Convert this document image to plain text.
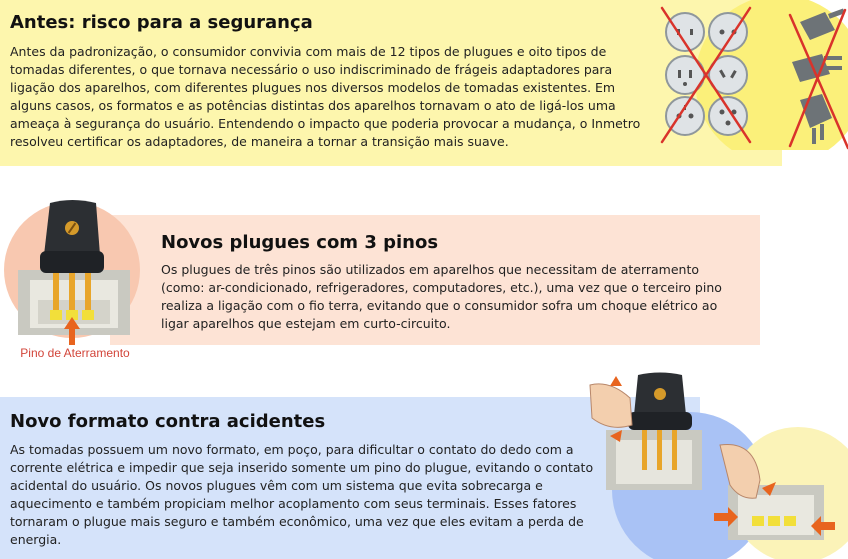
Antes: risco para a segurança

Antes da padronização, o consumidor convivia com mais de 12 tipos de plugues e oito tipos de tomadas diferentes, o que tornava necessário o uso indiscriminado de frágeis adaptadores para ligação dos aparelhos, com diferentes plugues nos diversos modelos de tomadas existentes. Em alguns casos, os formatos e as potências distintas dos aparelhos tornavam o ato de ligá-los uma ameaça à segurança do usuário. Entendendo o impacto que poderia provocar a mudança, o Inmetro resolveu certificar os adaptadores, de maneira a tornar a transição mais suave.

Novos plugues com 3 pinos

Os plugues de três pinos são utilizados em aparelhos que necessitam de aterramento (como: ar-condicionado, refrigeradores, computadores, etc.), uma vez que o terceiro pino realiza a ligação com o fio terra, evitando que o consumidor sofra um choque elétrico ao ligar aparelhos que estejam em curto-circuito.

Pino de Aterramento
Novo formato contra acidentes

As tomadas possuem um novo formato, em poço, para dificultar o contato do dedo com a corrente elétrica e impedir que seja inserido somente um pino do plugue, evitando o contato acidental do usuário. Os novos plugues vêm com um sistema que evita sobrecarga e aquecimento e também propiciam melhor acoplamento com seus terminais. Esses fatores tornaram o plugue mais seguro e também econômico, uma vez que eles evitam a perda de energia.
